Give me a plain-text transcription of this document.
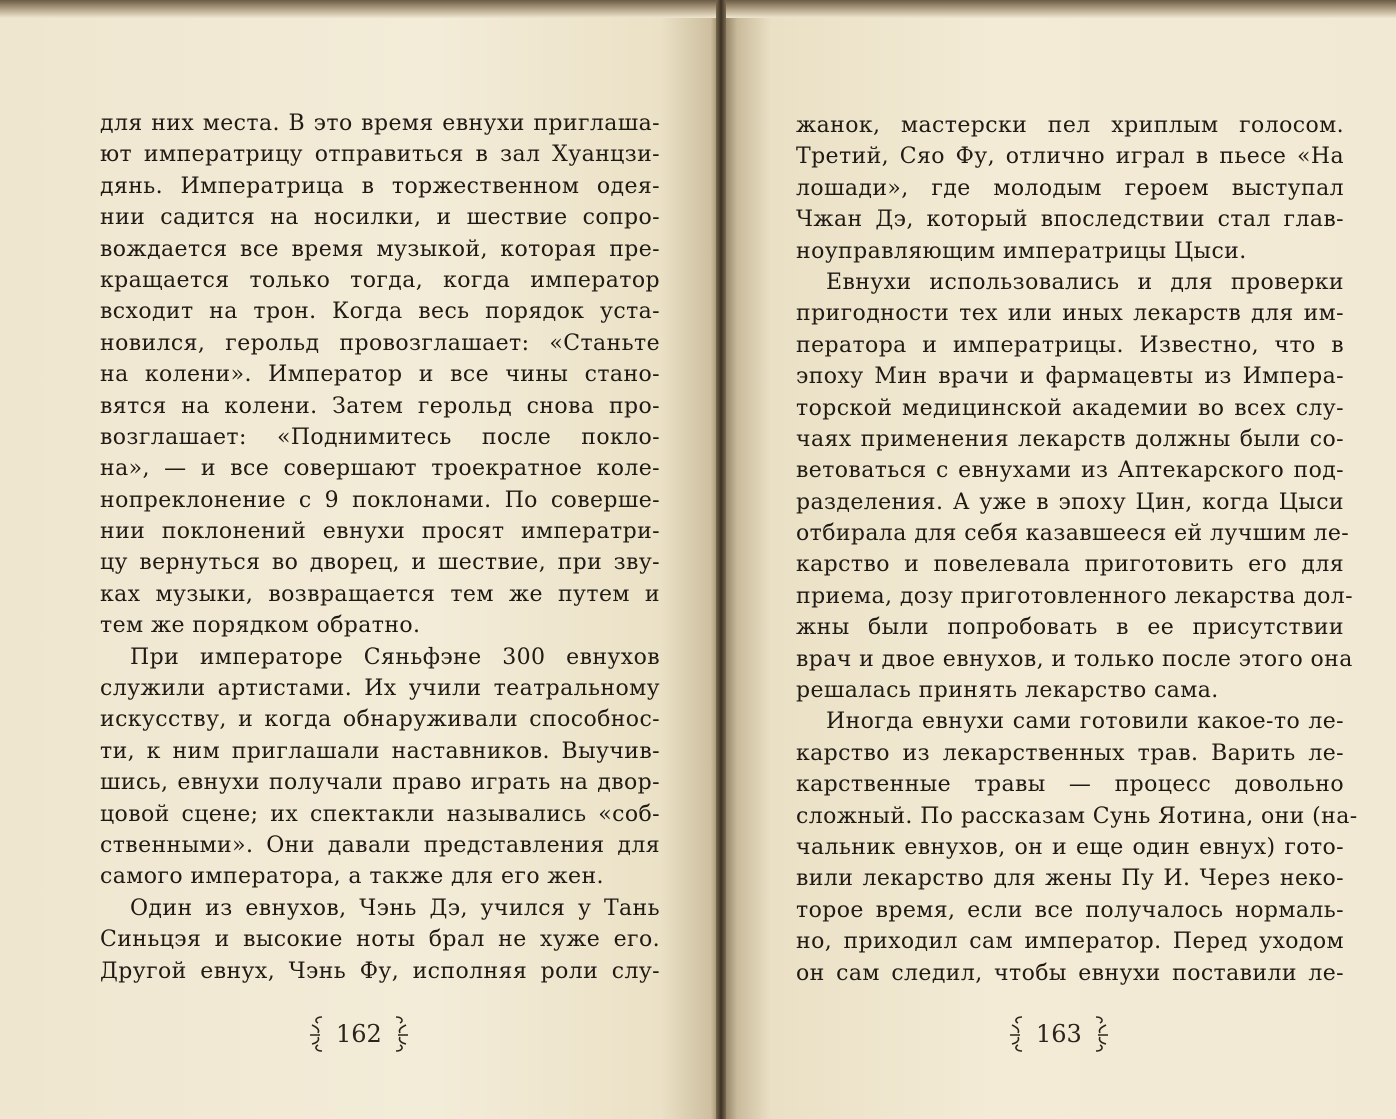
для них места. В это время евнухи приглаша-
ют императрицу отправиться в зал Хуанцзи-
дянь. Императрица в торжественном одея-
нии садится на носилки, и шествие сопро-
вождается все время музыкой, которая пре-
кращается только тогда, когда император
всходит на трон. Когда весь порядок уста-
новился, герольд провозглашает: «Станьте
на колени». Император и все чины стано-
вятся на колени. Затем герольд снова про-
возглашает: «Поднимитесь после покло-
на», — и все совершают троекратное коле-
нопреклонение с 9 поклонами. По соверше-
нии поклонений евнухи просят императри-
цу вернуться во дворец, и шествие, при зву-
ках музыки, возвращается тем же путем и
тем же порядком обратно.
При императоре Сяньфэне 300 евнухов
служили артистами. Их учили театральному
искусству, и когда обнаруживали способнос-
ти, к ним приглашали наставников. Выучив-
шись, евнухи получали право играть на двор-
цовой сцене; их спектакли назывались «соб-
ственными». Они давали представления для
самого императора, а также для его жен.
Один из евнухов, Чэнь Дэ, учился у Тань
Синьцэя и высокие ноты брал не хуже его.
Другой евнух, Чэнь Фу, исполняя роли слу-
162
жанок, мастерски пел хриплым голосом.
Третий, Сяо Фу, отлично играл в пьесе «На
лошади», где молодым героем выступал
Чжан Дэ, который впоследствии стал глав-
ноуправляющим императрицы Цыси.
Евнухи использовались и для проверки
пригодности тех или иных лекарств для им-
ператора и императрицы. Известно, что в
эпоху Мин врачи и фармацевты из Импера-
торской медицинской академии во всех слу-
чаях применения лекарств должны были со-
ветоваться с евнухами из Аптекарского под-
разделения. А уже в эпоху Цин, когда Цыси
отбирала для себя казавшееся ей лучшим ле-
карство и повелевала приготовить его для
приема, дозу приготовленного лекарства дол-
жны были попробовать в ее присутствии
врач и двое евнухов, и только после этого она
решалась принять лекарство сама.
Иногда евнухи сами готовили какое-то ле-
карство из лекарственных трав. Варить ле-
карственные травы — процесс довольно
сложный. По рассказам Сунь Яотина, они (на-
чальник евнухов, он и еще один евнух) гото-
вили лекарство для жены Пу И. Через неко-
торое время, если все получалось нормаль-
но, приходил сам император. Перед уходом
он сам следил, чтобы евнухи поставили ле-
163
